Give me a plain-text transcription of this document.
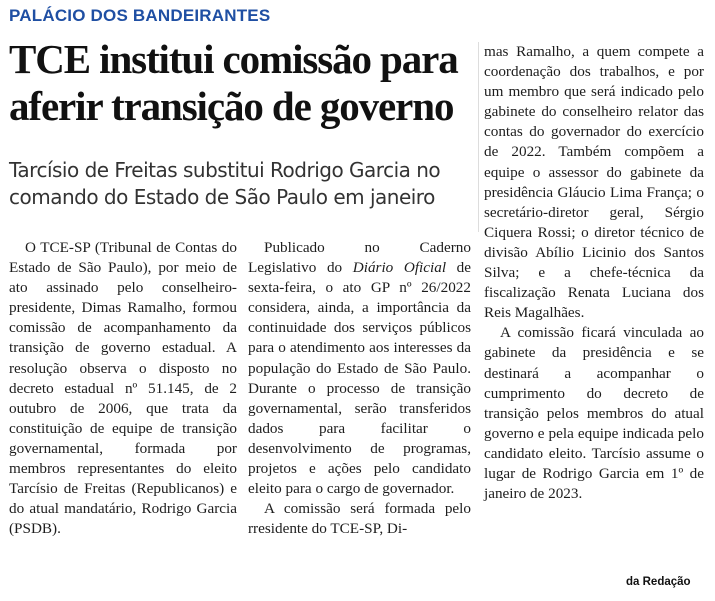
PALÁCIO DOS BANDEIRANTES
TCE institui comissão para aferir transição de governo

Tarcísio de Freitas substitui Rodrigo Garcia no comando do Estado de São Paulo em janeiro

O TCE-SP (Tribunal de Contas do Estado de São Paulo), por meio de ato assinado pelo conselheiro-presidente, Dimas Ramalho, formou comissão de acompanhamento da transição de governo estadual. A resolução observa o disposto no decreto estadual nº 51.145, de 2 outubro de 2006, que trata da constituição de equipe de transição governamental, formada por membros representantes do eleito Tarcísio de Freitas (Republicanos) e do atual mandatário, Rodrigo Garcia (PSDB).

Publicado no Caderno Legislativo do Diário Oficial de sexta-feira, o ato GP nº 26/2022 considera, ainda, a importância da continuidade dos serviços públicos para o atendimento aos interesses da população do Estado de São Paulo. Durante o processo de transição governamental, serão transferidos dados para facilitar o desenvolvimento de programas, projetos e ações pelo candidato eleito para o cargo de governador.

A comissão será formada pelo rresidente do TCE-SP, Di-

mas Ramalho, a quem compete a coordenação dos trabalhos, e por um membro que será indicado pelo gabinete do conselheiro relator das contas do governador do exercício de 2022. Também compõem a equipe o assessor do gabinete da presidência Gláucio Lima França; o secretário-diretor geral, Sérgio Ciquera Rossi; o diretor técnico de divisão Abílio Licinio dos Santos Silva; e a chefe-técnica da fiscalização Renata Luciana dos Reis Magalhães.

A comissão ficará vinculada ao gabinete da presidência e se destinará a acompanhar o cumprimento do decreto de transição pelos membros do atual governo e pela equipe indicada pelo candidato eleito. Tarcísio assume o lugar de Rodrigo Garcia em 1º de janeiro de 2023.

da Redação
